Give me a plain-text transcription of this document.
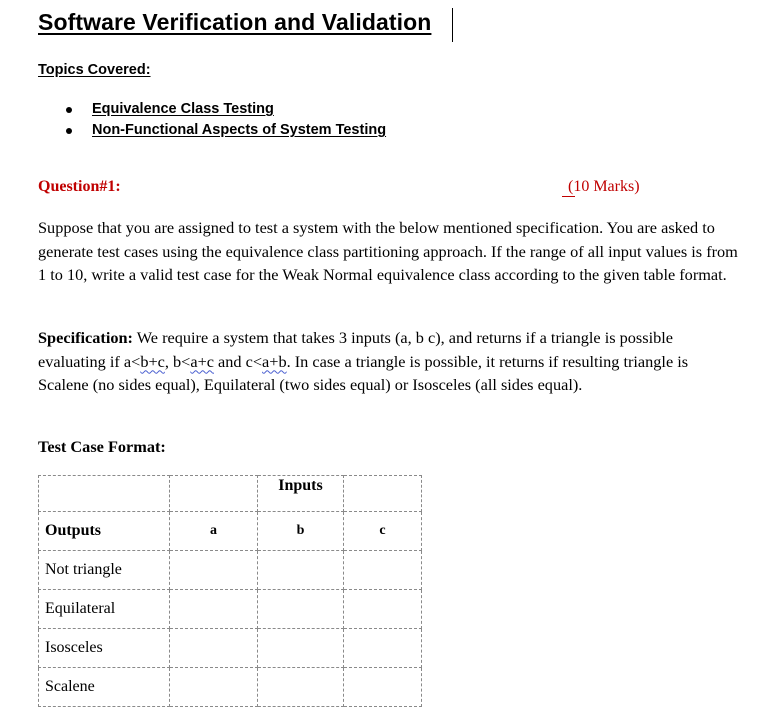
Software Verification and Validation
Topics Covered:
Equivalence Class Testing
Non-Functional Aspects of System Testing
Question#1:	(10 Marks)
Suppose that you are assigned to test a system with the below mentioned specification. You are asked to generate test cases using the equivalence class partitioning approach. If the range of all input values is from 1 to 10, write a valid test case for the Weak Normal equivalence class according to the given table format.
Specification: We require a system that takes 3 inputs (a, b c), and returns if a triangle is possible evaluating if a<b+c, b<a+c and c<a+b. In case a triangle is possible, it returns if resulting triangle is Scalene (no sides equal), Equilateral (two sides equal) or Isosceles (all sides equal).
Test Case Format:
		Inputs	
Outputs	a	b	c
Not triangle			
Equilateral			
Isosceles			
Scalene			
